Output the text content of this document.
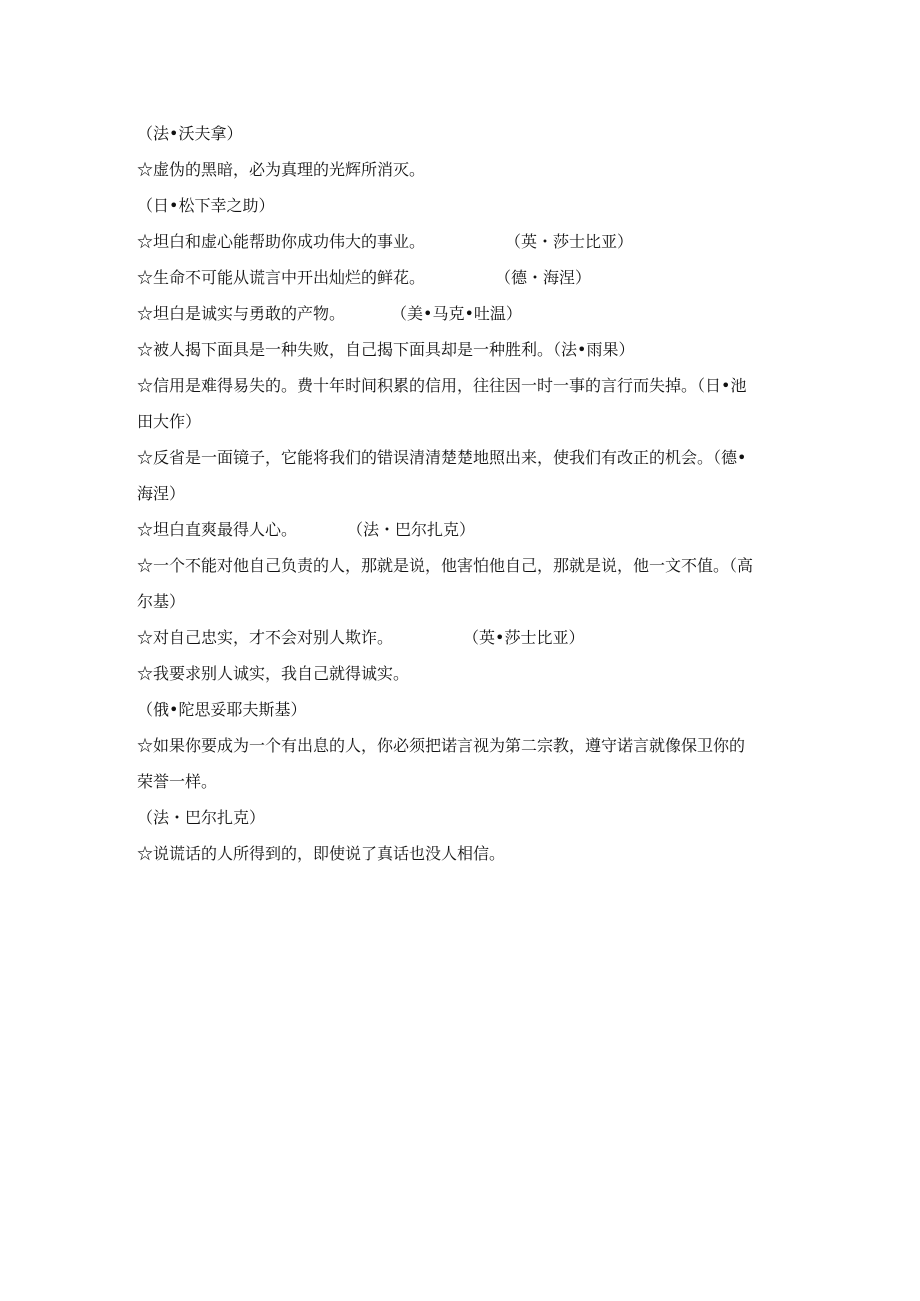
（法•沃夫拿）
☆虚伪的黑暗，必为真理的光辉所消灭。
（日•松下幸之助）
☆坦白和虚心能帮助你成功伟大的事业。	（英・莎士比亚）
☆生命不可能从谎言中开出灿烂的鲜花。	（德・海涅）
☆坦白是诚实与勇敢的产物。	（美•马克•吐温）
☆被人揭下面具是一种失败，自己揭下面具却是一种胜利。（法•雨果）
☆信用是难得易失的。费十年时间积累的信用，往往因一时一事的言行而失掉。（日•池
田大作）
☆反省是一面镜子，它能将我们的错误清清楚楚地照出来，使我们有改正的机会。（德•
海涅）
☆坦白直爽最得人心。	（法・巴尔扎克）
☆一个不能对他自己负责的人，那就是说，他害怕他自己，那就是说，他一文不值。（高
尔基）
☆对自己忠实，才不会对别人欺诈。	（英•莎士比亚）
☆我要求别人诚实，我自己就得诚实。
（俄•陀思妥耶夫斯基）
☆如果你要成为一个有出息的人，你必须把诺言视为第二宗教，遵守诺言就像保卫你的
荣誉一样。
（法・巴尔扎克）
☆说谎话的人所得到的，即使说了真话也没人相信。
